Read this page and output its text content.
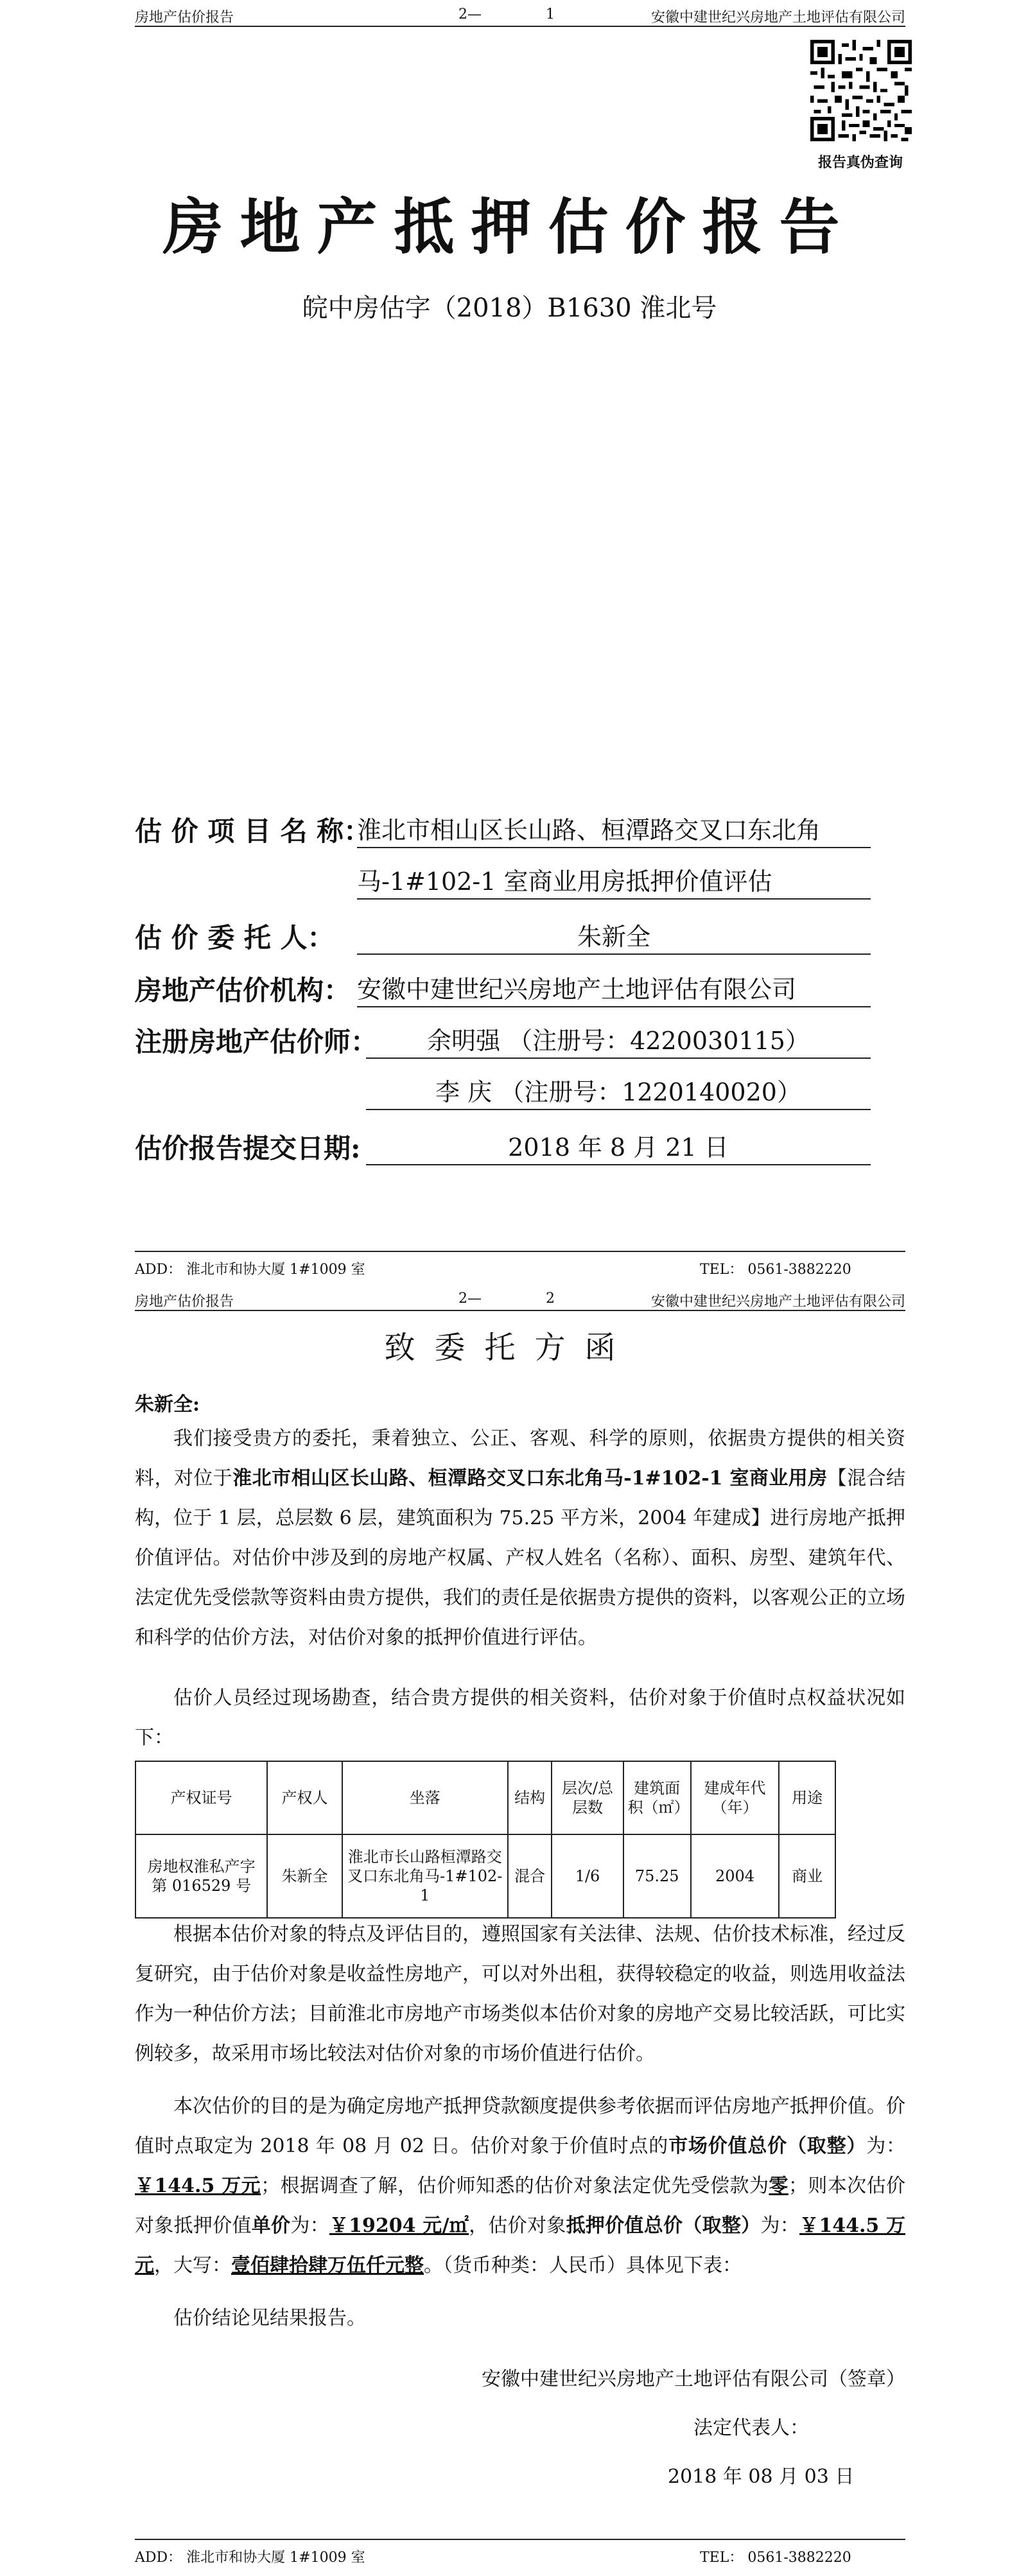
房地产估价报告	2—	1	安徽中建世纪兴房地产土地评估有限公司
报告真伪查询
房地产抵押估价报告
皖中房估字（2018）B1630 淮北号
估 价 项 目 名 称：
淮北市相山区长山路、桓潭路交叉口东北角
马-1#102-1 室商业用房抵押价值评估
估 价 委 托 人：	朱新全
房地产估价机构： 安徽中建世纪兴房地产土地评估有限公司
注册房地产估价师：	余明强 （注册号：4220030115）
李 庆 （注册号：1220140020）
估价报告提交日期:	2018 年 8 月 21 日
ADD： 淮北市和协大厦 1#1009 室	TEL： 0561-3882220
房地产估价报告	2—	2	安徽中建世纪兴房地产土地评估有限公司
致委托方函
朱新全:

我们接受贵方的委托，秉着独立、公正、客观、科学的原则，依据贵方提供的相关资料，对位于淮北市相山区长山路、桓潭路交叉口东北角马-1#102-1 室商业用房【混合结构，位于 1 层，总层数 6 层，建筑面积为 75.25 平方米，2004 年建成】进行房地产抵押价值评估。对估价中涉及到的房地产权属、产权人姓名（名称）、面积、房型、建筑年代、法定优先受偿款等资料由贵方提供，我们的责任是依据贵方提供的资料，以客观公正的立场和科学的估价方法，对估价对象的抵押价值进行评估。

估价人员经过现场勘查，结合贵方提供的相关资料，估价对象于价值时点权益状况如下：

产权证号	产权人	坐落	结构	层次/总层数	建筑面积（㎡）	建成年代（年）	用途
房地权淮私产字第 016529 号	朱新全	淮北市长山路桓潭路交叉口东北角马-1#102-1	混合	1/6	75.25	2004	商业

根据本估价对象的特点及评估目的，遵照国家有关法律、法规、估价技术标准，经过反复研究，由于估价对象是收益性房地产，可以对外出租，获得较稳定的收益，则选用收益法作为一种估价方法；目前淮北市房地产市场类似本估价对象的房地产交易比较活跃，可比实例较多，故采用市场比较法对估价对象的市场价值进行估价。

本次估价的目的是为确定房地产抵押贷款额度提供参考依据而评估房地产抵押价值。价值时点取定为 2018 年 08 月 02 日。估价对象于价值时点的市场价值总价（取整）为：￥144.5 万元；根据调查了解，估价师知悉的估价对象法定优先受偿款为零；则本次估价对象抵押价值单价为：￥19204 元/㎡，估价对象抵押价值总价（取整）为：￥144.5 万元，大写：壹佰肆拾肆万伍仟元整。（货币种类：人民币）具体见下表：

估价结论见结果报告。

安徽中建世纪兴房地产土地评估有限公司（签章）
法定代表人：
2018 年 08 月 03 日
ADD： 淮北市和协大厦 1#1009 室	TEL： 0561-3882220
